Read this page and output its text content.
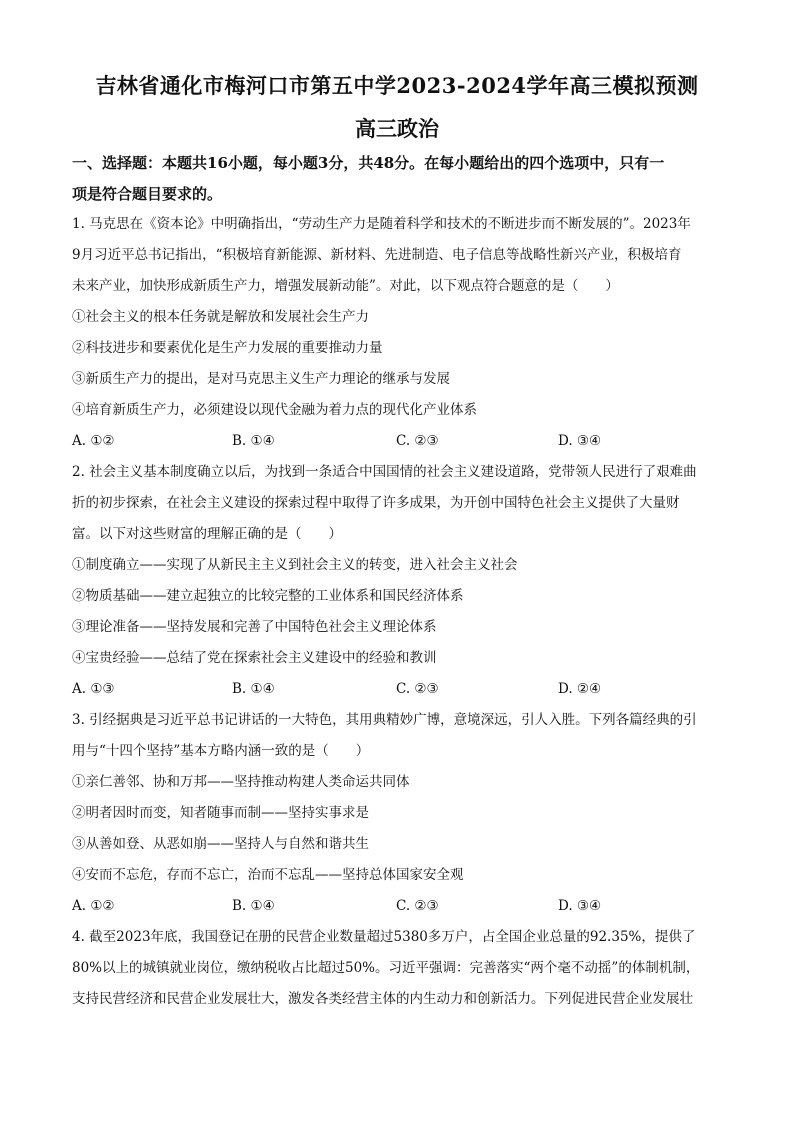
吉林省通化市梅河口市第五中学2023-2024学年高三模拟预测
高三政治
一、选择题：本题共16小题，每小题3分，共48分。在每小题给出的四个选项中，只有一
项是符合题目要求的。
1. 马克思在《资本论》中明确指出，“劳动生产力是随着科学和技术的不断进步而不断发展的”。2023年
9月习近平总书记指出，“积极培育新能源、新材料、先进制造、电子信息等战略性新兴产业，积极培育
未来产业，加快形成新质生产力，增强发展新动能”。对此，以下观点符合题意的是（　　）
①社会主义的根本任务就是解放和发展社会生产力
②科技进步和要素优化是生产力发展的重要推动力量
③新质生产力的提出，是对马克思主义生产力理论的继承与发展
④培育新质生产力，必须建设以现代金融为着力点的现代化产业体系
A. ①②	B. ①④	C. ②③	D. ③④
2. 社会主义基本制度确立以后，为找到一条适合中国国情的社会主义建设道路，党带领人民进行了艰难曲
折的初步探索，在社会主义建设的探索过程中取得了许多成果，为开创中国特色社会主义提供了大量财
富。以下对这些财富的理解正确的是（　　）
①制度确立——实现了从新民主主义到社会主义的转变，进入社会主义社会
②物质基础——建立起独立的比较完整的工业体系和国民经济体系
③理论准备——坚持发展和完善了中国特色社会主义理论体系
④宝贵经验——总结了党在探索社会主义建设中的经验和教训
A. ①③	B. ①④	C. ②③	D. ②④
3. 引经据典是习近平总书记讲话的一大特色，其用典精妙广博，意境深远，引人入胜。下列各篇经典的引
用与“十四个坚持”基本方略内涵一致的是（　　）
①亲仁善邻、协和万邦——坚持推动构建人类命运共同体
②明者因时而变，知者随事而制——坚持实事求是
③从善如登、从恶如崩——坚持人与自然和谐共生
④安而不忘危，存而不忘亡，治而不忘乱——坚持总体国家安全观
A. ①②	B. ①④	C. ②③	D. ③④
4. 截至2023年底，我国登记在册的民营企业数量超过5380多万户，占全国企业总量的92.35%，提供了
80%以上的城镇就业岗位，缴纳税收占比超过50%。习近平强调：完善落实“两个毫不动摇”的体制机制，
支持民营经济和民营企业发展壮大，激发各类经营主体的内生动力和创新活力。下列促进民营企业发展壮
